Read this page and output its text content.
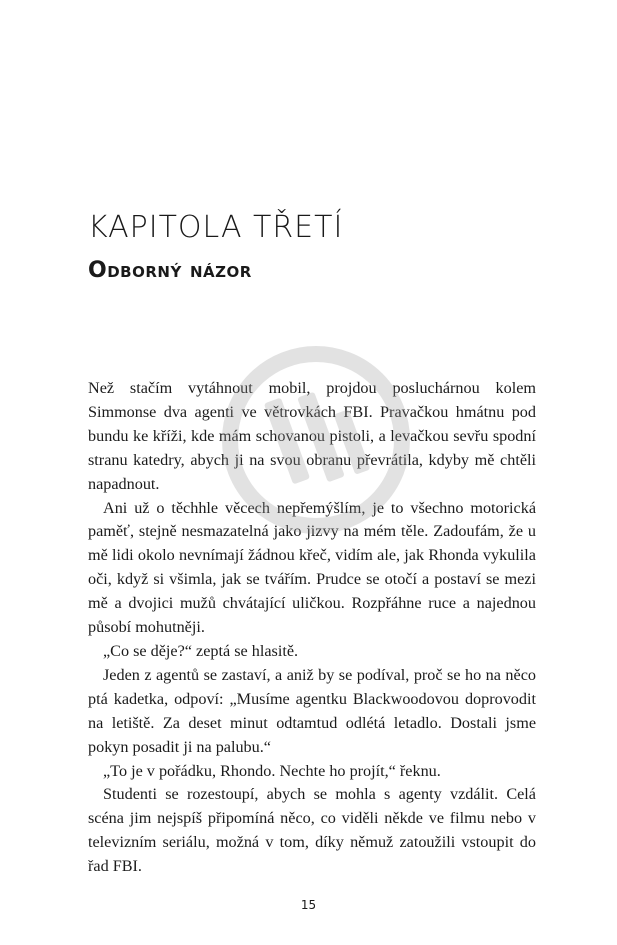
KAPITOLA TŘETÍ
Odborný názor

Než stačím vytáhnout mobil, projdou posluchárnou kolem Simmonse dva agenti ve větrovkách FBI. Pravačkou hmátnu pod bundu ke kříži, kde mám schovanou pistoli, a levačkou sevřu spodní stranu katedry, abych ji na svou obranu převrátila, kdyby mě chtěli napadnout.

Ani už o těchhle věcech nepřemýšlím, je to všechno motorická paměť, stejně nesmazatelná jako jizvy na mém těle. Zadoufám, že u mě lidi okolo nevnímají žádnou křeč, vidím ale, jak Rhonda vykulila oči, když si všimla, jak se tvářím. Prudce se otočí a postaví se mezi mě a dvojici mužů chvátající uličkou. Rozpřáhne ruce a najednou působí mohutněji.

„Co se děje?“ zeptá se hlasitě.

Jeden z agentů se zastaví, a aniž by se podíval, proč se ho na něco ptá kadetka, odpoví: „Musíme agentku Blackwoodovou doprovodit na letiště. Za deset minut odtamtud odlétá letadlo. Dostali jsme pokyn posadit ji na palubu.“

„To je v pořádku, Rhondo. Nechte ho projít,“ řeknu.

Studenti se rozestoupí, abych se mohla s agenty vzdálit. Celá scéna jim nejspíš připomíná něco, co viděli někde ve filmu nebo v televizním seriálu, možná v tom, díky němuž zatoužili vstoupit do řad FBI.

15
